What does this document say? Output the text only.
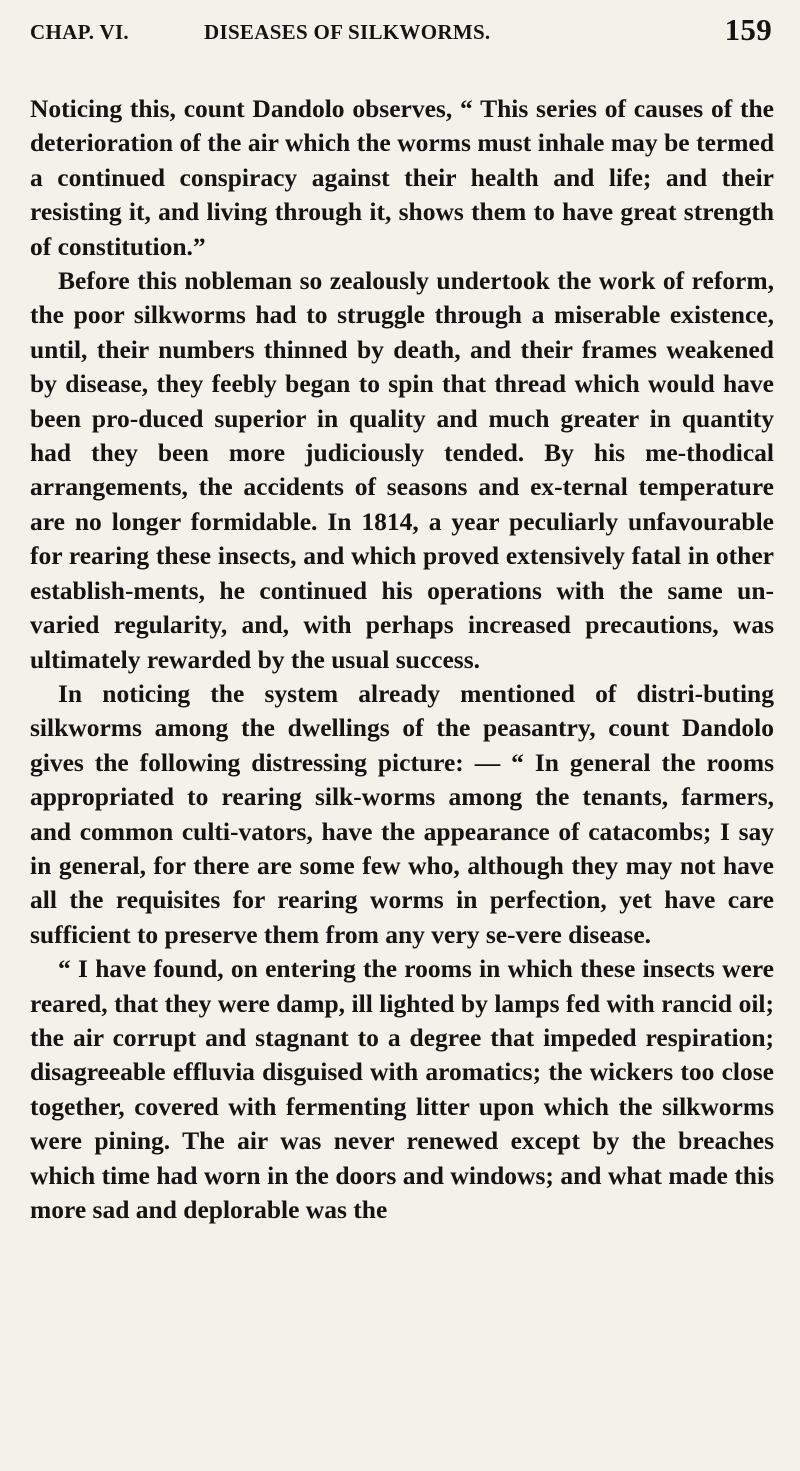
CHAP. VI.	DISEASES OF SILKWORMS.	159

Noticing this, count Dandolo observes, “ This series of causes of the deterioration of the air which the worms must inhale may be termed a continued conspiracy against their health and life; and their resisting it, and living through it, shows them to have great strength of constitution.”

Before this nobleman so zealously undertook the work of reform, the poor silkworms had to struggle through a miserable existence, until, their numbers thinned by death, and their frames weakened by disease, they feebly began to spin that thread which would have been pro-duced superior in quality and much greater in quantity had they been more judiciously tended. By his me-thodical arrangements, the accidents of seasons and ex-ternal temperature are no longer formidable. In 1814, a year peculiarly unfavourable for rearing these insects, and which proved extensively fatal in other establish-ments, he continued his operations with the same un-varied regularity, and, with perhaps increased precautions, was ultimately rewarded by the usual success.

In noticing the system already mentioned of distri-buting silkworms among the dwellings of the peasantry, count Dandolo gives the following distressing picture: — “ In general the rooms appropriated to rearing silk-worms among the tenants, farmers, and common culti-vators, have the appearance of catacombs; I say in general, for there are some few who, although they may not have all the requisites for rearing worms in perfection, yet have care sufficient to preserve them from any very se-vere disease.

“ I have found, on entering the rooms in which these insects were reared, that they were damp, ill lighted by lamps fed with rancid oil; the air corrupt and stagnant to a degree that impeded respiration; disagreeable effluvia disguised with aromatics; the wickers too close together, covered with fermenting litter upon which the silkworms were pining. The air was never renewed except by the breaches which time had worn in the doors and windows; and what made this more sad and deplorable was the
